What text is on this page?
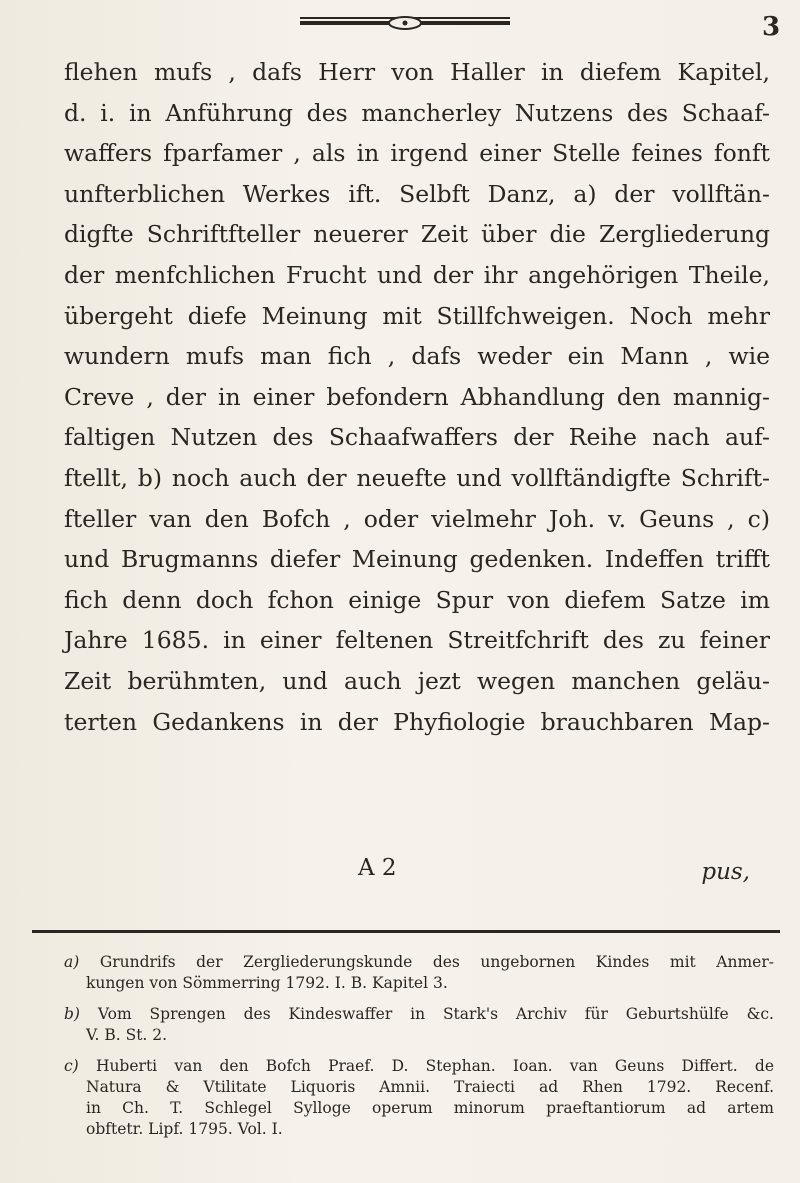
3
flehen mufs , dafs Herr von Haller in diefem Kapitel,
d. i. in Anführung des mancherley Nutzens des Schaaf-
waffers fparfamer , als in irgend einer Stelle feines fonft
unfterblichen Werkes ift. Selbft Danz, a) der vollftän-
digfte Schriftfteller neuerer Zeit über die Zergliederung
der menfchlichen Frucht und der ihr angehörigen Theile,
übergeht diefe Meinung mit Stillfchweigen. Noch mehr
wundern mufs man fich , dafs weder ein Mann , wie
Creve , der in einer befondern Abhandlung den mannig-
faltigen Nutzen des Schaafwaffers der Reihe nach auf-
ftellt, b) noch auch der neuefte und vollftändigfte Schrift-
fteller van den Bofch , oder vielmehr Joh. v. Geuns , c)
und Brugmanns diefer Meinung gedenken. Indeffen trifft
fich denn doch fchon einige Spur von diefem Satze im
Jahre 1685. in einer feltenen Streitfchrift des zu feiner
Zeit berühmten, und auch jezt wegen manchen geläu-
terten Gedankens in der Phyfiologie brauchbaren Map-
A 2	pus,
a) Grundrifs der Zergliederungskunde des ungebornen Kindes mit Anmer-
kungen von Sömmerring 1792. I. B. Kapitel 3.
b) Vom Sprengen des Kindeswaffer in Stark's Archiv für Geburtshülfe &c.
V. B. St. 2.
c) Huberti van den Bofch Praef. D. Stephan. Ioan. van Geuns Differt. de
Natura & Vtilitate Liquoris Amnii. Traiecti ad Rhen 1792. Recenf.
in Ch. T. Schlegel Sylloge operum minorum praeftantiorum ad artem
obftetr. Lipf. 1795. Vol. I.
